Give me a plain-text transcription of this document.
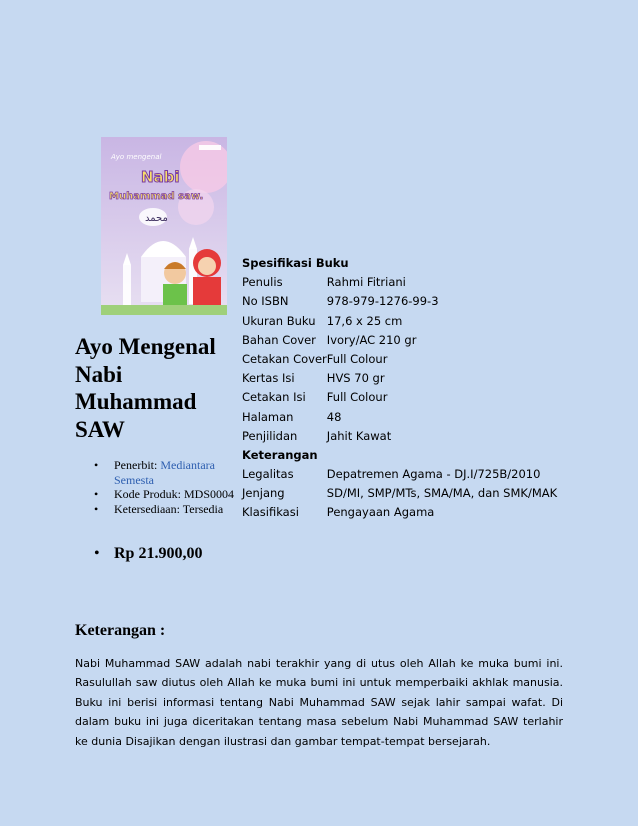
Ayo mengenal
Nabi
Muhammad saw.
محمد
Ayo Mengenal Nabi Muhammad SAW
• Penerbit: Mediantara Semesta
• Kode Produk: MDS0004
• Ketersediaan: Tersedia
• Rp 21.900,00
Spesifikasi Buku	
Penulis	Rahmi Fitriani
No ISBN	978-979-1276-99-3
Ukuran Buku	17,6 x 25 cm
Bahan Cover	Ivory/AC 210 gr
Cetakan Cover	Full Colour
Kertas Isi	HVS 70 gr
Cetakan Isi	Full Colour
Halaman	48
Penjilidan	Jahit Kawat
Keterangan	
Legalitas	Depatremen Agama - DJ.I/725B/2010
Jenjang	SD/MI, SMP/MTs, SMA/MA, dan SMK/MAK
Klasifikasi	Pengayaan Agama
Keterangan :

Nabi Muhammad SAW adalah nabi terakhir yang di utus oleh Allah ke muka bumi ini. Rasulullah saw diutus oleh Allah ke muka bumi ini untuk memperbaiki akhlak manusia. Buku ini berisi informasi tentang Nabi Muhammad SAW sejak lahir sampai wafat. Di dalam buku ini juga diceritakan tentang masa sebelum Nabi Muhammad SAW terlahir ke dunia Disajikan dengan ilustrasi dan gambar tempat-tempat bersejarah.
